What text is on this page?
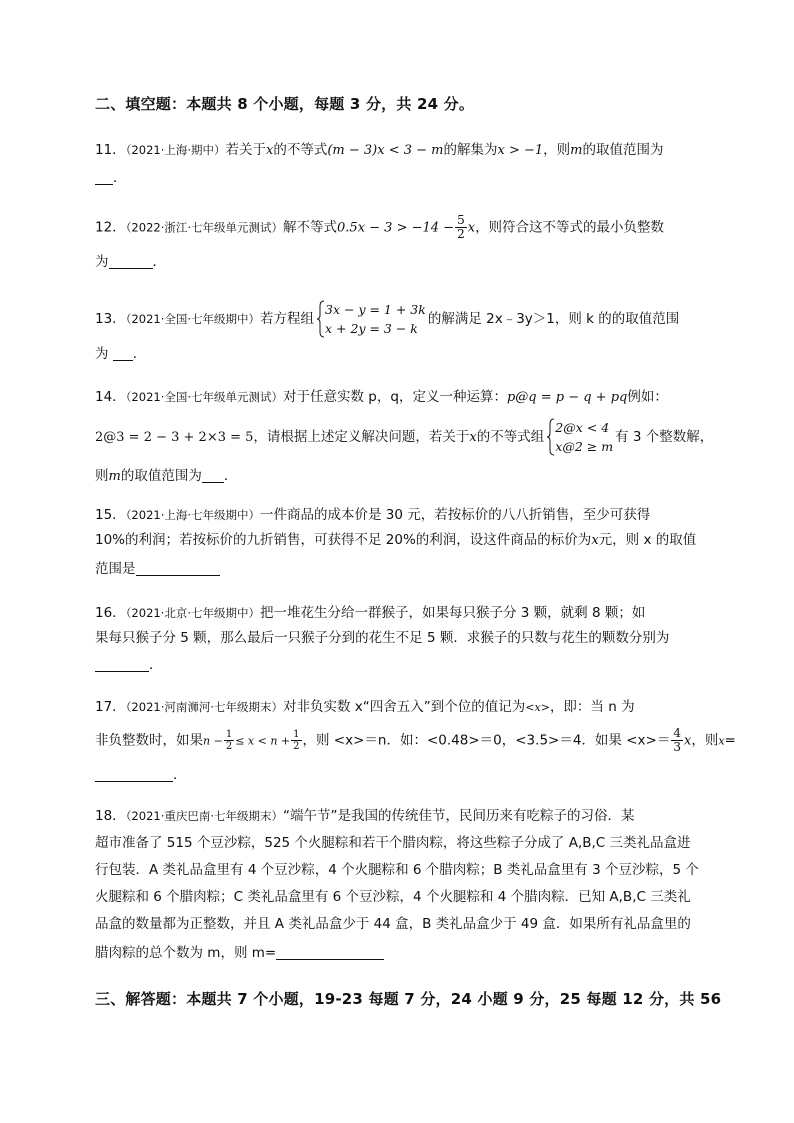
二、填空题：本题共 8 个小题，每题 3 分，共 24 分。
11．（2021·上海·期中）若关于x的不等式(m − 3)x < 3 − m的解集为x > −1，则m的取值范围为
．
12．（2022·浙江·七年级单元测试）解不等式$0.5x - 3 > -14 - \frac{5}{2}$ x，则符合这不等式的最小负整数
为	．
13．（2021·全国·七年级期中）若方程组
3x − y = 1 + 3k
x + 2y = 3 − k
的解满足 2x﹣3y＞1，则 k 的的取值范围
为 ．
14．（2021·全国·七年级单元测试）对于任意实数 p，q，定义一种运算：p@q = p − q + pq例如：
2@3 = 2 − 3 + 2×3 = 5，请根据上述定义解决问题，若关于x的不等式组
2@x < 4
x@2 ≥ m
有 3 个整数解，
则m的取值范围为 ．
15．（2021·上海·七年级期中）一件商品的成本价是 30 元，若按标价的八八折销售，至少可获得
10%的利润；若按标价的九折销售，可获得不足 20%的利润，设这件商品的标价为x元，则 x 的取值
范围是
16．（2021·北京·七年级期中）把一堆花生分给一群猴子，如果每只猴子分 3 颗，就剩 8 颗；如
果每只猴子分 5 颗，那么最后一只猴子分到的花生不足 5 颗．求猴子的只数与花生的颗数分别为
．
17．（2021·河南浉河·七年级期末）对非负实数 x“四舍五入”到个位的值记为<x>，即：当 n 为
非负整数时，如果$n - \frac{1}{2} \le x < n + \frac{1}{2}$ ，则 <x>＝n．如：<0.48>＝0，<3.5>＝4．如果 $<x>= \frac{4}{3}$ x，则x=
．
18．（2021·重庆巴南·七年级期末）“端午节”是我国的传统佳节，民间历来有吃粽子的习俗．某
超市准备了 515 个豆沙粽，525 个火腿粽和若干个腊肉粽，将这些粽子分成了 A,B,C 三类礼品盒进
行包装．A 类礼品盒里有 4 个豆沙粽，4 个火腿粽和 6 个腊肉粽；B 类礼品盒里有 3 个豆沙粽，5 个
火腿粽和 6 个腊肉粽；C 类礼品盒里有 6 个豆沙粽，4 个火腿粽和 4 个腊肉粽．已知 A,B,C 三类礼
品盒的数量都为正整数，并且 A 类礼品盒少于 44 盒，B 类礼品盒少于 49 盒．如果所有礼品盒里的
腊肉粽的总个数为 m，则 m=
三、解答题：本题共 7 个小题，19-23 每题 7 分，24 小题 9 分，25 每题 12 分，共 56
